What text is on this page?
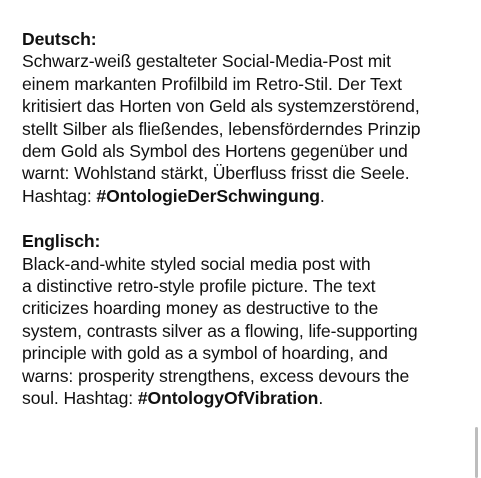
Deutsch:
Schwarz-weiß gestalteter Social-Media-Post mit
einem markanten Profilbild im Retro-Stil. Der Text
kritisiert das Horten von Geld als systemzerstörend,
stellt Silber als fließendes, lebensförderndes Prinzip
dem Gold als Symbol des Hortens gegenüber und
warnt: Wohlstand stärkt, Überfluss frisst die Seele.
Hashtag: #OntologieDerSchwingung.
Englisch:
Black-and-white styled social media post with
a distinctive retro-style profile picture. The text
criticizes hoarding money as destructive to the
system, contrasts silver as a flowing, life-supporting
principle with gold as a symbol of hoarding, and
warns: prosperity strengthens, excess devours the
soul. Hashtag: #OntologyOfVibration.
